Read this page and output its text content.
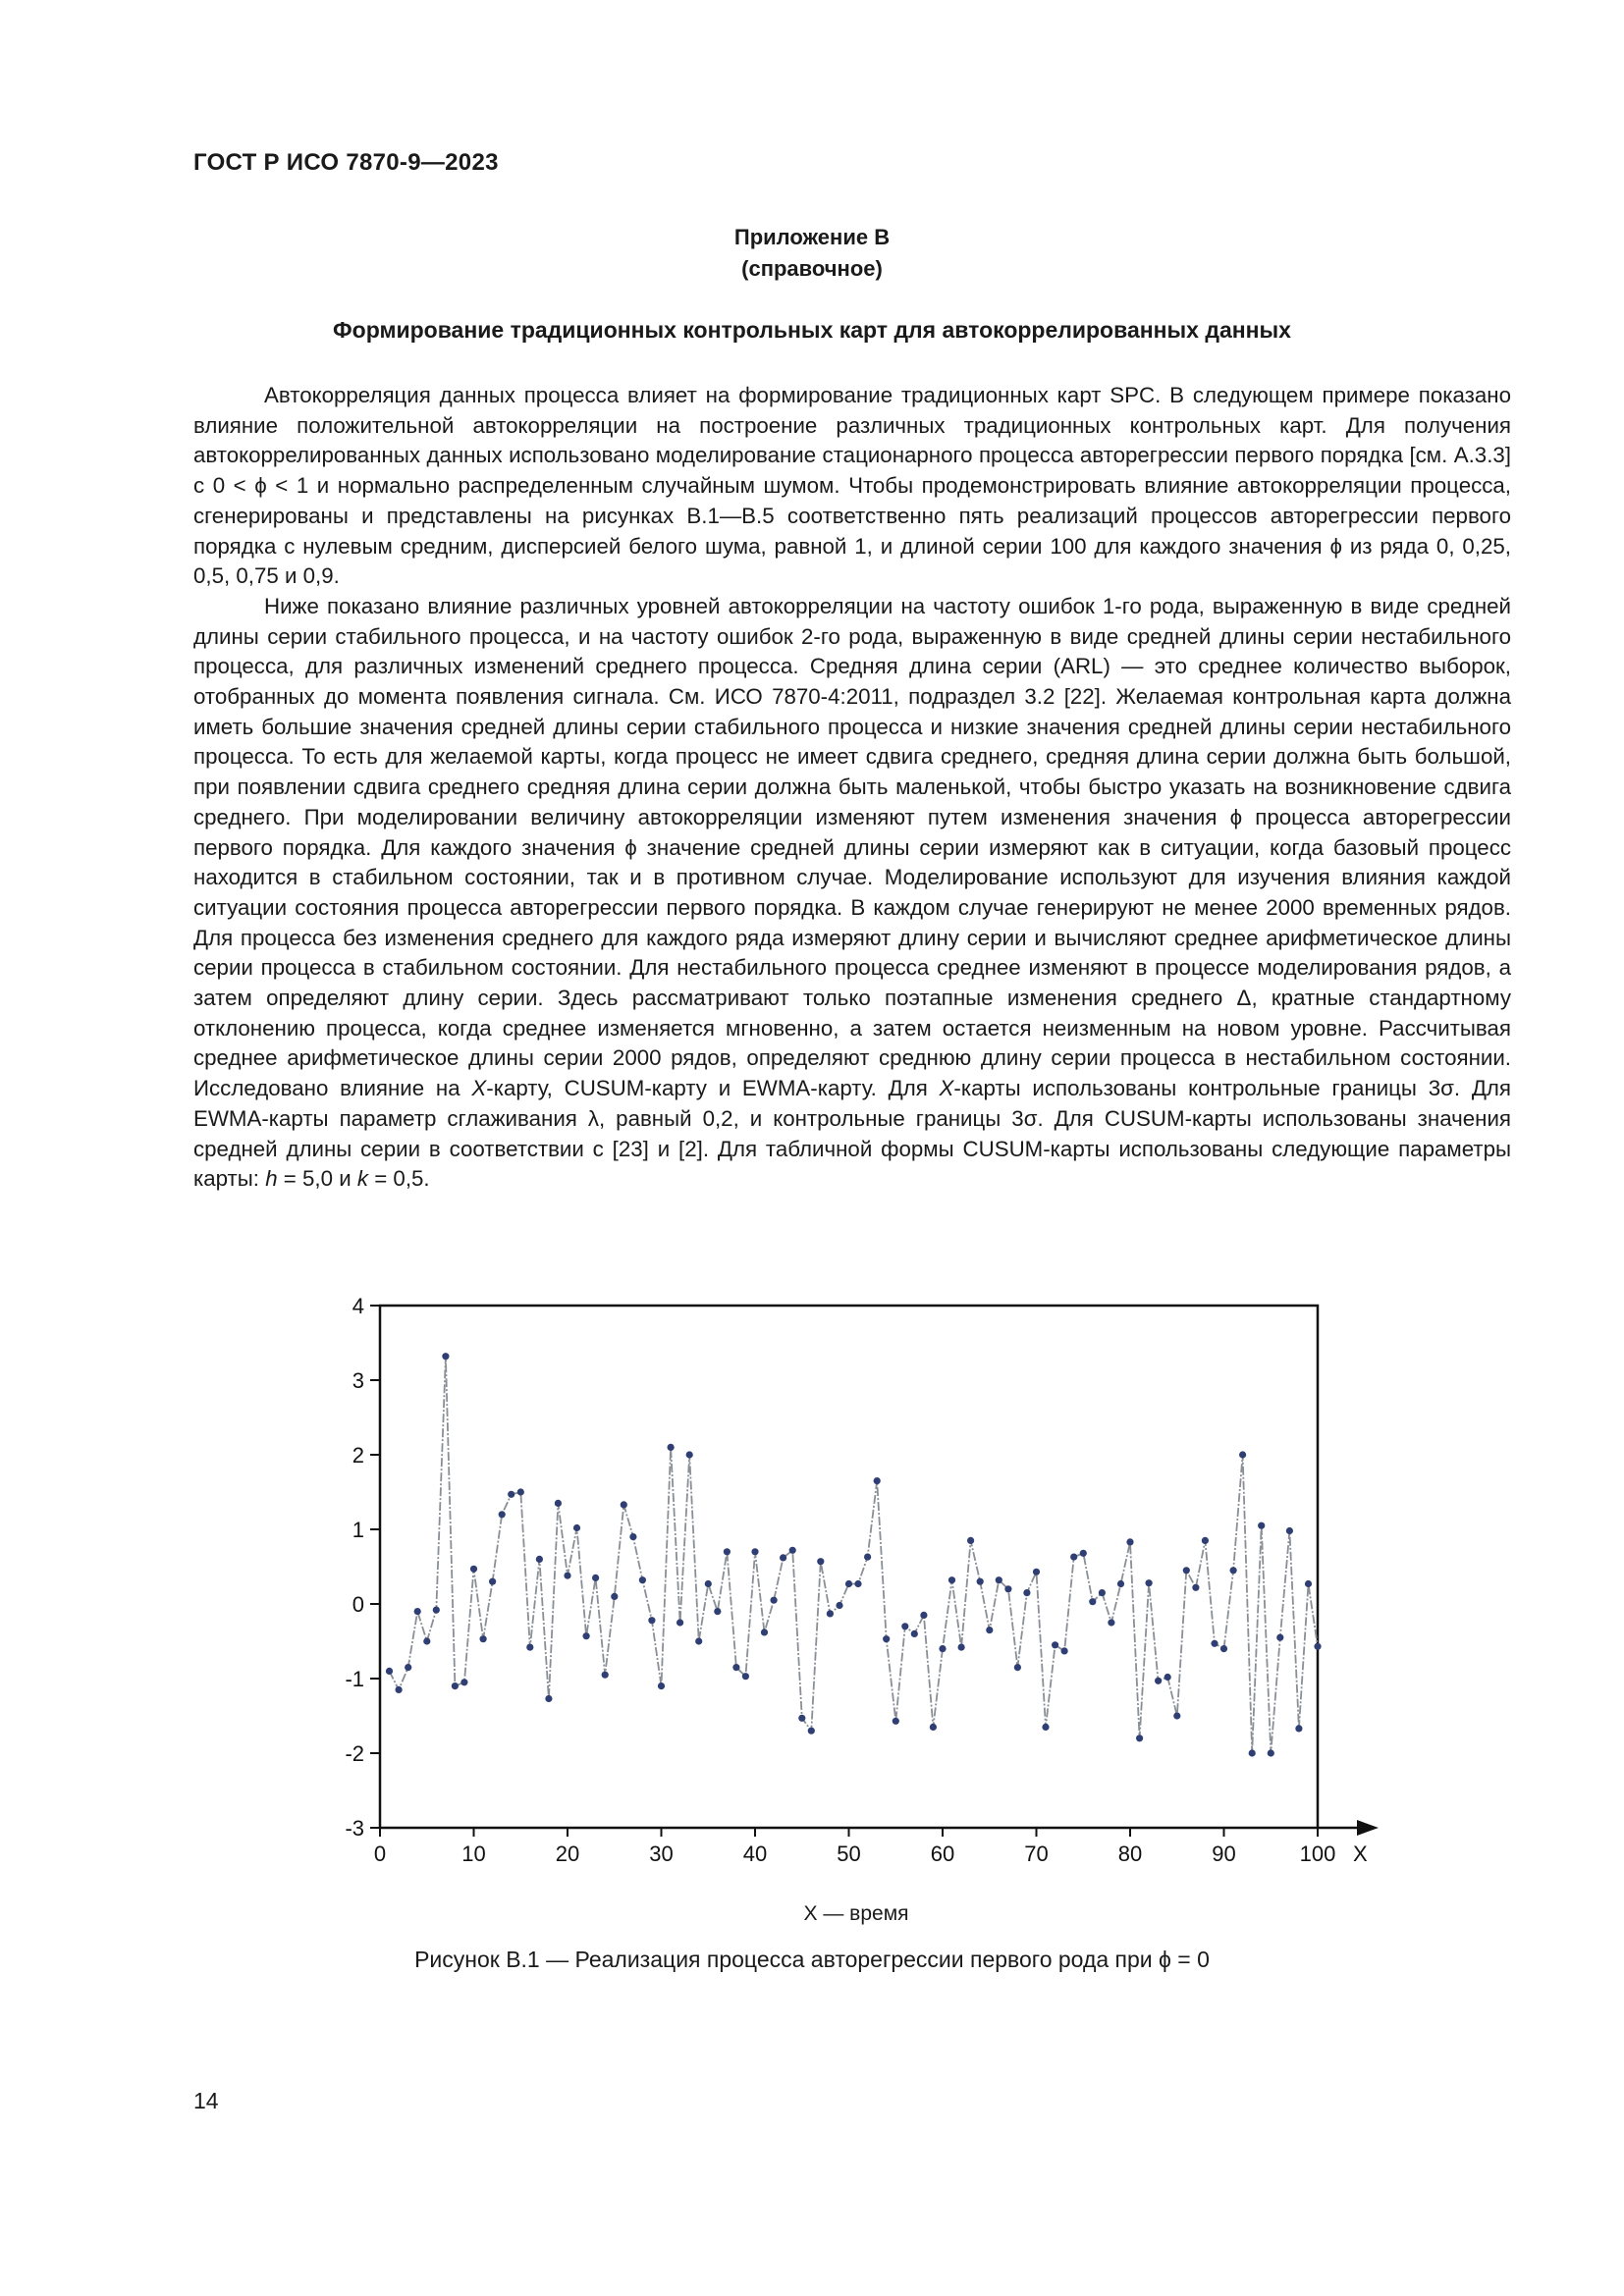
ГОСТ Р ИСО 7870-9—2023
Приложение В
(справочное)
Формирование традиционных контрольных карт для автокоррелированных данных

Автокорреляция данных процесса влияет на формирование традиционных карт SPC. В следующем примере показано влияние положительной автокорреляции на построение различных традиционных контрольных карт. Для получения автокоррелированных данных использовано моделирование стационарного процесса авторегрессии первого порядка [см. А.3.3] с 0 < ϕ < 1 и нормально распределенным случайным шумом. Чтобы продемонстрировать влияние автокорреляции процесса, сгенерированы и представлены на рисунках В.1—В.5 соответственно пять реализаций процессов авторегрессии первого порядка с нулевым средним, дисперсией белого шума, равной 1, и длиной серии 100 для каждого значения ϕ из ряда 0, 0,25, 0,5, 0,75 и 0,9.

Ниже показано влияние различных уровней автокорреляции на частоту ошибок 1-го рода, выраженную в виде средней длины серии стабильного процесса, и на частоту ошибок 2-го рода, выраженную в виде средней длины серии нестабильного процесса, для различных изменений среднего процесса. Средняя длина серии (ARL) — это среднее количество выборок, отобранных до момента появления сигнала. См. ИСО 7870-4:2011, подраздел 3.2 [22]. Желаемая контрольная карта должна иметь большие значения средней длины серии стабильного процесса и низкие значения средней длины серии нестабильного процесса. То есть для желаемой карты, когда процесс не имеет сдвига среднего, средняя длина серии должна быть большой, при появлении сдвига среднего средняя длина серии должна быть маленькой, чтобы быстро указать на возникновение сдвига среднего. При моделировании величину автокорреляции изменяют путем изменения значения ϕ процесса авторегрессии первого порядка. Для каждого значения ϕ значение средней длины серии измеряют как в ситуации, когда базовый процесс находится в стабильном состоянии, так и в противном случае. Моделирование используют для изучения влияния каждой ситуации состояния процесса авторегрессии первого порядка. В каждом случае генерируют не менее 2000 временных рядов. Для процесса без изменения среднего для каждого ряда измеряют длину серии и вычисляют среднее арифметическое длины серии процесса в стабильном состоянии. Для нестабильного процесса среднее изменяют в процессе моделирования рядов, а затем определяют длину серии. Здесь рассматривают только поэтапные изменения среднего Δ, кратные стандартному отклонению процесса, когда среднее изменяется мгновенно, а затем остается неизменным на новом уровне. Рассчитывая среднее арифметическое длины серии 2000 рядов, определяют среднюю длину серии процесса в нестабильном состоянии. Исследовано влияние на X-карту, CUSUM-карту и EWMA-карту. Для X-карты использованы контрольные границы 3σ. Для EWMA-карты параметр сглаживания λ, равный 0,2, и контрольные границы 3σ. Для CUSUM-карты использованы значения средней длины серии в соответствии с [23] и [2]. Для табличной формы CUSUM-карты использованы следующие параметры карты: h = 5,0 и k = 0,5.

-3
-2
-1
0
1
2
3
4
0	10	20	30	40	50	60	70	80	90	100 X
X — время
Рисунок В.1 — Реализация процесса авторегрессии первого рода при ϕ = 0
14
